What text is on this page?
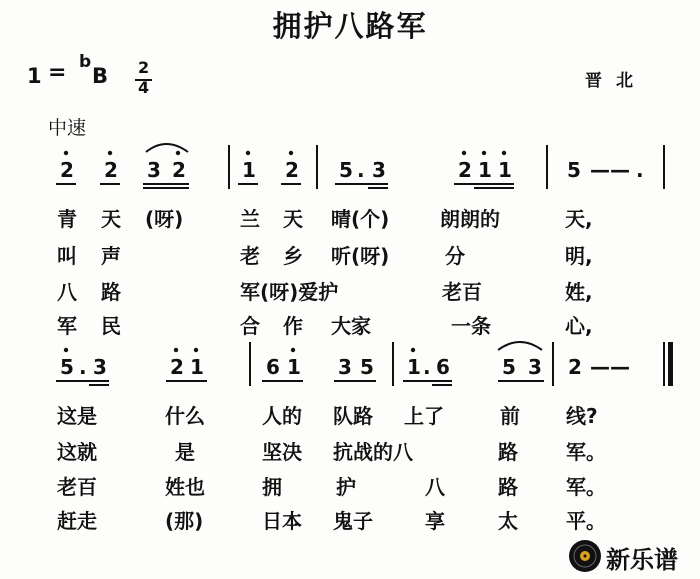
拥护八路军
1 = b
B 2
4	晋北
中速
2 2 3 2	1 2 5 . 3	2 1 1	5 —— .
青 天 (呀)	兰 天 晴(个)	朗朗的	天,
叫 声	老 乡 听(呀)	分	明,
八 路	军(呀)爱护	老百	姓,
军 民	合 作 大家	一条	心,
5 . 3	2 1	6 1 3 5 1 . 6	5 3 2 ——
这是	什么	人的 队路 上了	前 线?
这就	是	坚决 抗战的八	路 军。
老百	姓也	拥	护	八	路 军。
赶走	(那)	日本 鬼子	享	太 平。
新乐谱
